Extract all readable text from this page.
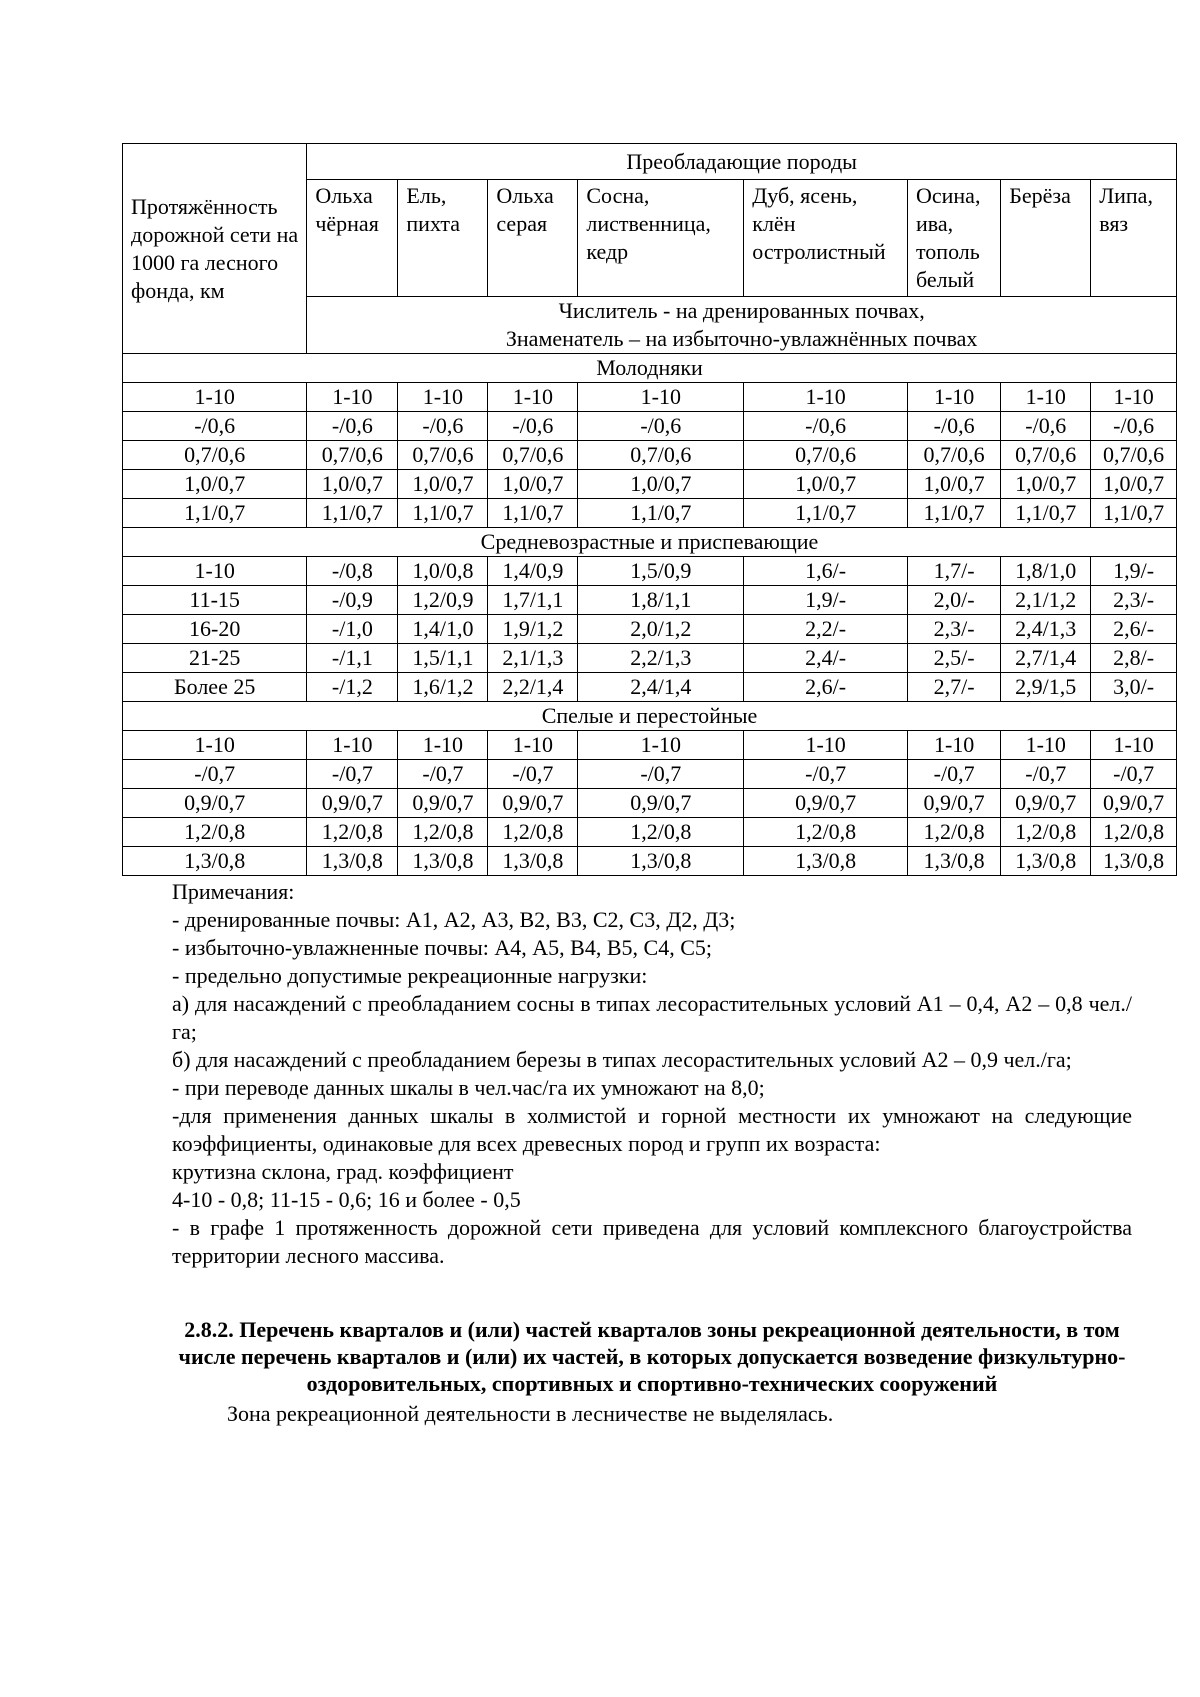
Протяжённость дорожной сети на 1000 га лесного фонда, км	Преобладающие породы							
	Ольха чёрная	Ель, пихта	Ольха серая	Сосна, лиственница, кедр	Дуб, ясень, клён остролистный	Осина, ива, тополь белый	Берёза	Липа, вяз
	Числитель - на дренированных почвах,
Знаменатель – на избыточно-увлажнённых почвах							
Молодняки								
1-10	1-10	1-10	1-10	1-10	1-10	1-10	1-10	1-10
-/0,6	-/0,6	-/0,6	-/0,6	-/0,6	-/0,6	-/0,6	-/0,6	-/0,6
0,7/0,6	0,7/0,6	0,7/0,6	0,7/0,6	0,7/0,6	0,7/0,6	0,7/0,6	0,7/0,6	0,7/0,6
1,0/0,7	1,0/0,7	1,0/0,7	1,0/0,7	1,0/0,7	1,0/0,7	1,0/0,7	1,0/0,7	1,0/0,7
1,1/0,7	1,1/0,7	1,1/0,7	1,1/0,7	1,1/0,7	1,1/0,7	1,1/0,7	1,1/0,7	1,1/0,7
Средневозрастные и приспевающие								
1-10	-/0,8	1,0/0,8	1,4/0,9	1,5/0,9	1,6/-	1,7/-	1,8/1,0	1,9/-
11-15	-/0,9	1,2/0,9	1,7/1,1	1,8/1,1	1,9/-	2,0/-	2,1/1,2	2,3/-
16-20	-/1,0	1,4/1,0	1,9/1,2	2,0/1,2	2,2/-	2,3/-	2,4/1,3	2,6/-
21-25	-/1,1	1,5/1,1	2,1/1,3	2,2/1,3	2,4/-	2,5/-	2,7/1,4	2,8/-
Более 25	-/1,2	1,6/1,2	2,2/1,4	2,4/1,4	2,6/-	2,7/-	2,9/1,5	3,0/-
Спелые и перестойные								
1-10	1-10	1-10	1-10	1-10	1-10	1-10	1-10	1-10
-/0,7	-/0,7	-/0,7	-/0,7	-/0,7	-/0,7	-/0,7	-/0,7	-/0,7
0,9/0,7	0,9/0,7	0,9/0,7	0,9/0,7	0,9/0,7	0,9/0,7	0,9/0,7	0,9/0,7	0,9/0,7
1,2/0,8	1,2/0,8	1,2/0,8	1,2/0,8	1,2/0,8	1,2/0,8	1,2/0,8	1,2/0,8	1,2/0,8
1,3/0,8	1,3/0,8	1,3/0,8	1,3/0,8	1,3/0,8	1,3/0,8	1,3/0,8	1,3/0,8	1,3/0,8

Примечания:

- дренированные почвы: А1, А2, А3, В2, В3, С2, С3, Д2, Д3;

- избыточно-увлажненные почвы: А4, А5, В4, В5, С4, С5;

- предельно допустимые рекреационные нагрузки:

а) для насаждений с преобладанием сосны в типах лесорастительных условий А1 – 0,4, А2 – 0,8 чел./га;

б) для насаждений с преобладанием березы в типах лесорастительных условий А2 – 0,9 чел./га;

- при переводе данных шкалы в чел.час/га их умножают на 8,0;

-для применения данных шкалы в холмистой и горной местности их умножают на следующие коэффициенты, одинаковые для всех древесных пород и групп их возраста:

крутизна склона, град. коэффициент

4-10 - 0,8; 11-15 - 0,6; 16 и более - 0,5

- в графе 1 протяженность дорожной сети приведена для условий комплексного благоустройства территории лесного массива.

2.8.2. Перечень кварталов и (или) частей кварталов зоны рекреационной деятельности, в том числе перечень кварталов и (или) их частей, в которых допускается возведение физкультурно-оздоровительных, спортивных и спортивно-технических сооружений

Зона рекреационной деятельности в лесничестве не выделялась.
